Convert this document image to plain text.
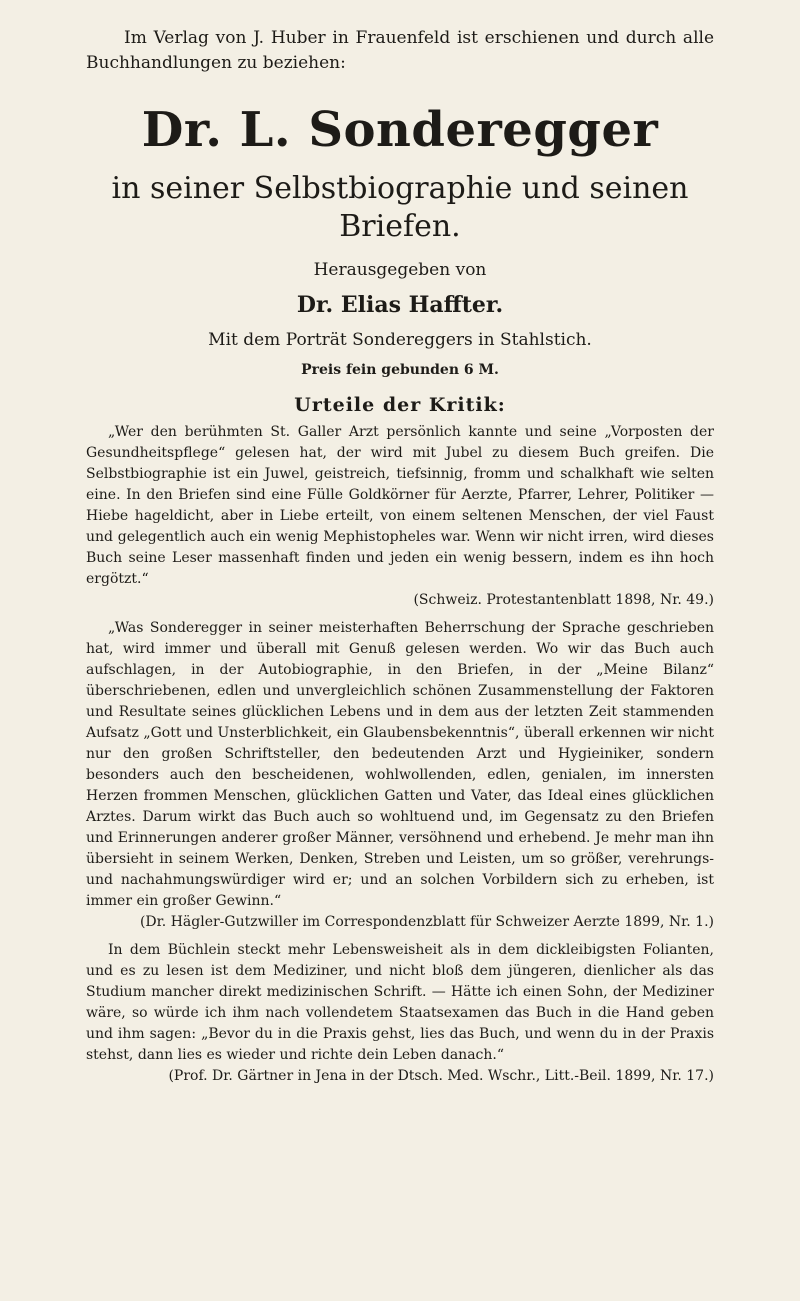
Im Verlag von J. Huber in Frauenfeld ist erschienen und durch alle Buchhandlungen zu beziehen:

Dr. L. Sonderegger
in seiner Selbstbiographie und seinen Briefen.
Herausgegeben von
Dr. Elias Haffter.
Mit dem Porträt Sondereggers in Stahlstich.
Preis fein gebunden 6 M.
Urteile der Kritik:

„Wer den berühmten St. Galler Arzt persönlich kannte und seine „Vorposten der Gesundheitspflege“ gelesen hat, der wird mit Jubel zu diesem Buch greifen. Die Selbstbiographie ist ein Juwel, geistreich, tiefsinnig, fromm und schalkhaft wie selten eine. In den Briefen sind eine Fülle Goldkörner für Aerzte, Pfarrer, Lehrer, Politiker — Hiebe hageldicht, aber in Liebe erteilt, von einem seltenen Menschen, der viel Faust und gelegentlich auch ein wenig Mephistopheles war. Wenn wir nicht irren, wird dieses Buch seine Leser massenhaft finden und jeden ein wenig bessern, indem es ihn hoch ergötzt.“
(Schweiz. Protestantenblatt 1898, Nr. 49.)

„Was Sonderegger in seiner meisterhaften Beherrschung der Sprache geschrieben hat, wird immer und überall mit Genuß gelesen werden. Wo wir das Buch auch aufschlagen, in der Autobiographie, in den Briefen, in der „Meine Bilanz“ überschriebenen, edlen und unvergleichlich schönen Zusammenstellung der Faktoren und Resultate seines glücklichen Lebens und in dem aus der letzten Zeit stammenden Aufsatz „Gott und Unsterblichkeit, ein Glaubensbekenntnis“, überall erkennen wir nicht nur den großen Schriftsteller, den bedeutenden Arzt und Hygieiniker, sondern besonders auch den bescheidenen, wohlwollenden, edlen, genialen, im innersten Herzen frommen Menschen, glücklichen Gatten und Vater, das Ideal eines glücklichen Arztes. Darum wirkt das Buch auch so wohltuend und, im Gegensatz zu den Briefen und Erinnerungen anderer großer Männer, versöhnend und erhebend. Je mehr man ihn übersieht in seinem Werken, Denken, Streben und Leisten, um so größer, verehrungs- und nachahmungswürdiger wird er; und an solchen Vorbildern sich zu erheben, ist immer ein großer Gewinn.“
(Dr. Hägler-Gutzwiller im Correspondenzblatt für Schweizer Aerzte 1899, Nr. 1.)

In dem Büchlein steckt mehr Lebensweisheit als in dem dickleibigsten Folianten, und es zu lesen ist dem Mediziner, und nicht bloß dem jüngeren, dienlicher als das Studium mancher direkt medizinischen Schrift. — Hätte ich einen Sohn, der Mediziner wäre, so würde ich ihm nach vollendetem Staatsexamen das Buch in die Hand geben und ihm sagen: „Bevor du in die Praxis gehst, lies das Buch, und wenn du in der Praxis stehst, dann lies es wieder und richte dein Leben danach.“
(Prof. Dr. Gärtner in Jena in der Dtsch. Med. Wschr., Litt.-Beil. 1899, Nr. 17.)
